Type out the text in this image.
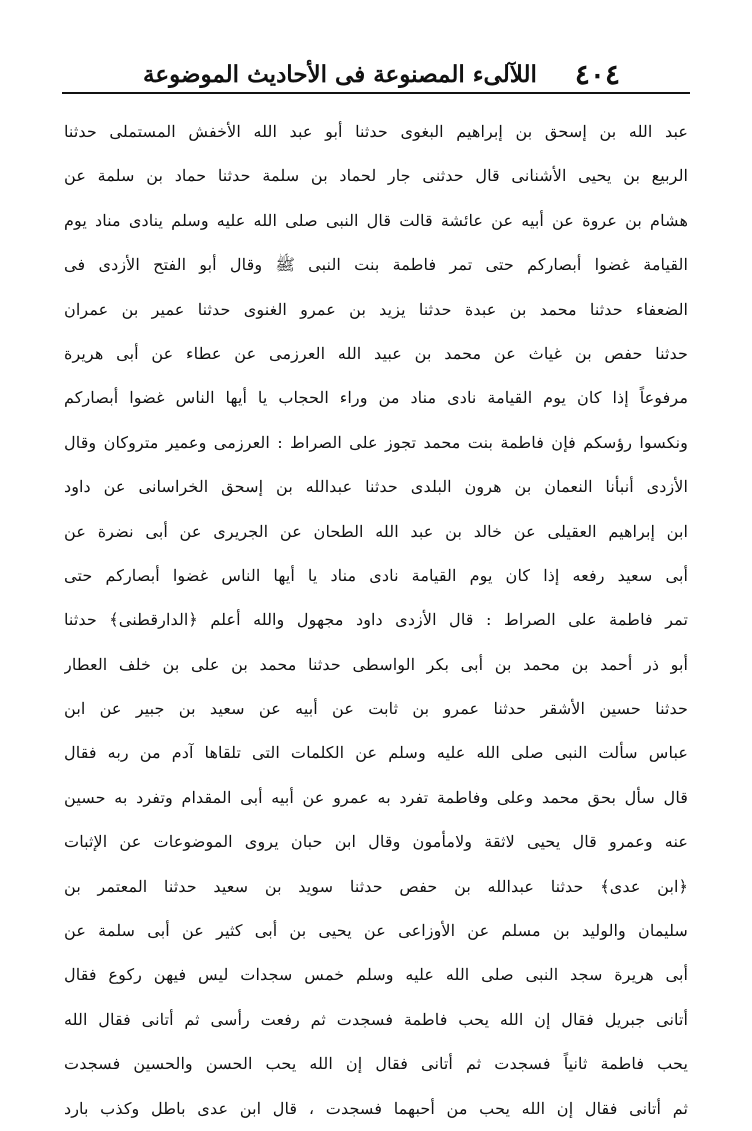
٤٠٤
اللآلىء المصنوعة فى الأحاديث الموضوعة
عبد الله بن إسحق بن إبراهيم البغوى حدثنا أبو عبد الله الأخفش المستملى حدثنا
الربيع بن يحيى الأشنانى قال حدثنى جار لحماد بن سلمة حدثنا حماد بن سلمة عن
هشام بن عروة عن أبيه عن عائشة قالت قال النبى صلى الله عليه وسلم ينادى مناد يوم
القيامة غضوا أبصاركم حتى تمر فاطمة بنت النبى ﷺ وقال أبو الفتح الأزدى فى
الضعفاء حدثنا محمد بن عبدة حدثنا يزيد بن عمرو الغنوى حدثنا عمير بن عمران
حدثنا حفص بن غياث عن محمد بن عبيد الله العرزمى عن عطاء عن أبى هريرة
مرفوعاً إذا كان يوم القيامة نادى مناد من وراء الحجاب يا أيها الناس غضوا أبصاركم
ونكسوا رؤسكم فإن فاطمة بنت محمد تجوز على الصراط : العرزمى وعمير متروكان وقال
الأزدى أنبأنا النعمان بن هرون البلدى حدثنا عبدالله بن إسحق الخراسانى عن داود
ابن إبراهيم العقيلى عن خالد بن عبد الله الطحان عن الجريرى عن أبى نضرة عن
أبى سعيد رفعه إذا كان يوم القيامة نادى مناد يا أيها الناس غضوا أبصاركم حتى
تمر فاطمة على الصراط : قال الأزدى داود مجهول والله أعلم ﴿الدارقطنى﴾ حدثنا
أبو ذر أحمد بن محمد بن أبى بكر الواسطى حدثنا محمد بن على بن خلف العطار
حدثنا حسين الأشقر حدثنا عمرو بن ثابت عن أبيه عن سعيد بن جبير عن ابن
عباس سألت النبى صلى الله عليه وسلم عن الكلمات التى تلقاها آدم من ربه فقال
قال سأل بحق محمد وعلى وفاطمة تفرد به عمرو عن أبيه أبى المقدام وتفرد به حسين
عنه وعمرو قال يحيى لاثقة ولامأمون وقال ابن حبان يروى الموضوعات عن الإثبات
﴿ابن عدى﴾ حدثنا عبدالله بن حفص حدثنا سويد بن سعيد حدثنا المعتمر بن
سليمان والوليد بن مسلم عن الأوزاعى عن يحيى بن أبى كثير عن أبى سلمة عن
أبى هريرة سجد النبى صلى الله عليه وسلم خمس سجدات ليس فيهن ركوع فقال
أتانى جبريل فقال إن الله يحب فاطمة فسجدت ثم رفعت رأسى ثم أتانى فقال الله
يحب فاطمة ثانياً فسجدت ثم أتانى فقال إن الله يحب الحسن والحسين فسجدت
ثم أتانى فقال إن الله يحب من أحبهما فسجدت ، قال ابن عدى باطل وكذب بارد
